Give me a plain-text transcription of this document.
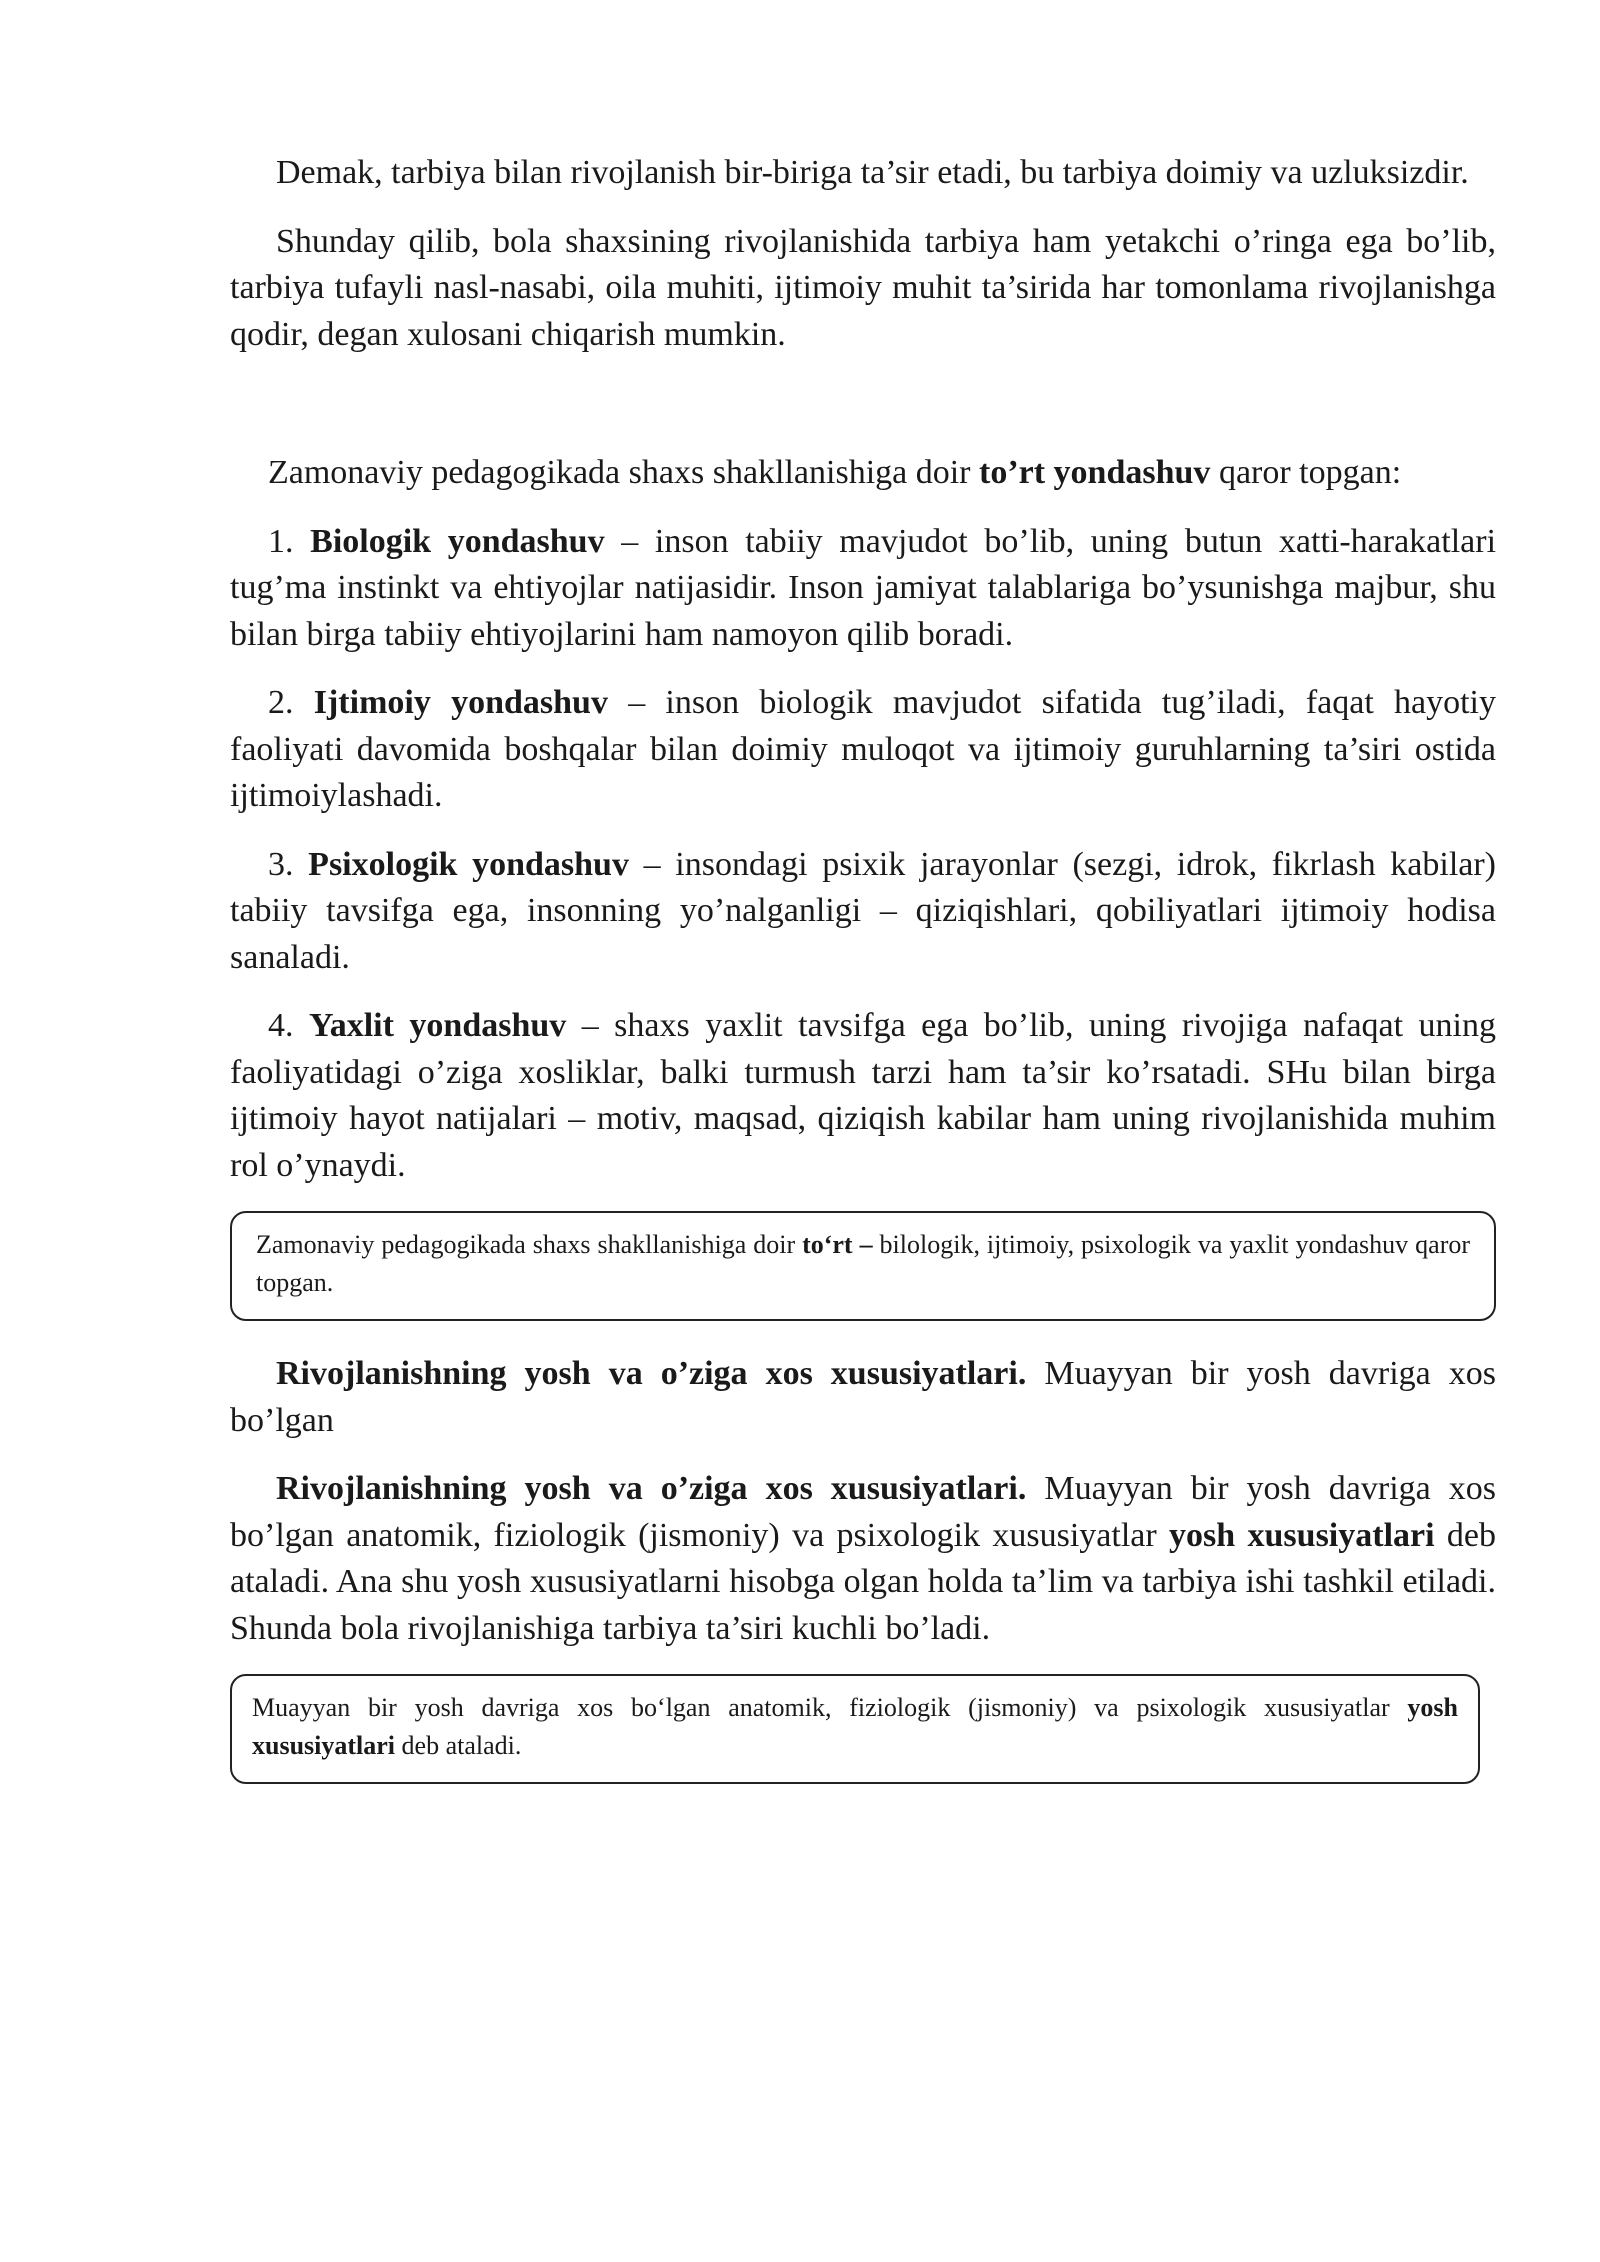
Demak, tarbiya bilan rivojlanish bir-biriga ta’sir etadi, bu tarbiya doimiy va uzluksizdir.

Shunday qilib, bola shaxsining rivojlanishida tarbiya ham yetakchi o’ringa ega bo’lib, tarbiya tufayli nasl-nasabi, oila muhiti, ijtimoiy muhit ta’sirida har tomonlama rivojlanishga qodir, degan xulosani chiqarish mumkin.

Zamonaviy pedagogikada shaxs shakllanishiga doir to’rt yondashuv qaror topgan:

1. Biologik yondashuv – inson tabiiy mavjudot bo’lib, uning butun xatti-harakatlari tug’ma instinkt va ehtiyojlar natijasidir. Inson jamiyat talablariga bo’ysunishga majbur, shu bilan birga tabiiy ehtiyojlarini ham namoyon qilib boradi.

2. Ijtimoiy yondashuv – inson biologik mavjudot sifatida tug’iladi, faqat hayotiy faoliyati davomida boshqalar bilan doimiy muloqot va ijtimoiy guruhlarning ta’siri ostida ijtimoiylashadi.

3. Psixologik yondashuv – insondagi psixik jarayonlar (sezgi, idrok, fikrlash kabilar) tabiiy tavsifga ega, insonning yo’nalganligi – qiziqishlari, qobiliyatlari ijtimoiy hodisa sanaladi.

4. Yaxlit yondashuv – shaxs yaxlit tavsifga ega bo’lib, uning rivojiga nafaqat uning faoliyatidagi o’ziga xosliklar, balki turmush tarzi ham ta’sir ko’rsatadi. SHu bilan birga ijtimoiy hayot natijalari – motiv, maqsad, qiziqish kabilar ham uning rivojlanishida muhim rol o’ynaydi.

Zamonaviy pedagogikada shaxs shakllanishiga doir to‘rt – bilologik, ijtimoiy, psixologik va yaxlit yondashuv qaror topgan.

Rivojlanishning yosh va o’ziga xos xususiyatlari. Muayyan bir yosh davriga xos bo’lgan

Rivojlanishning yosh va o’ziga xos xususiyatlari. Muayyan bir yosh davriga xos bo’lgan anatomik, fiziologik (jismoniy) va psixologik xususiyatlar yosh xususiyatlari deb ataladi. Ana shu yosh xususiyatlarni hisobga olgan holda ta’lim va tarbiya ishi tashkil etiladi. Shunda bola rivojlanishiga tarbiya ta’siri kuchli bo’ladi.

Muayyan bir yosh davriga xos bo‘lgan anatomik, fiziologik (jismoniy) va psixologik xususiyatlar yosh xususiyatlari deb ataladi.
